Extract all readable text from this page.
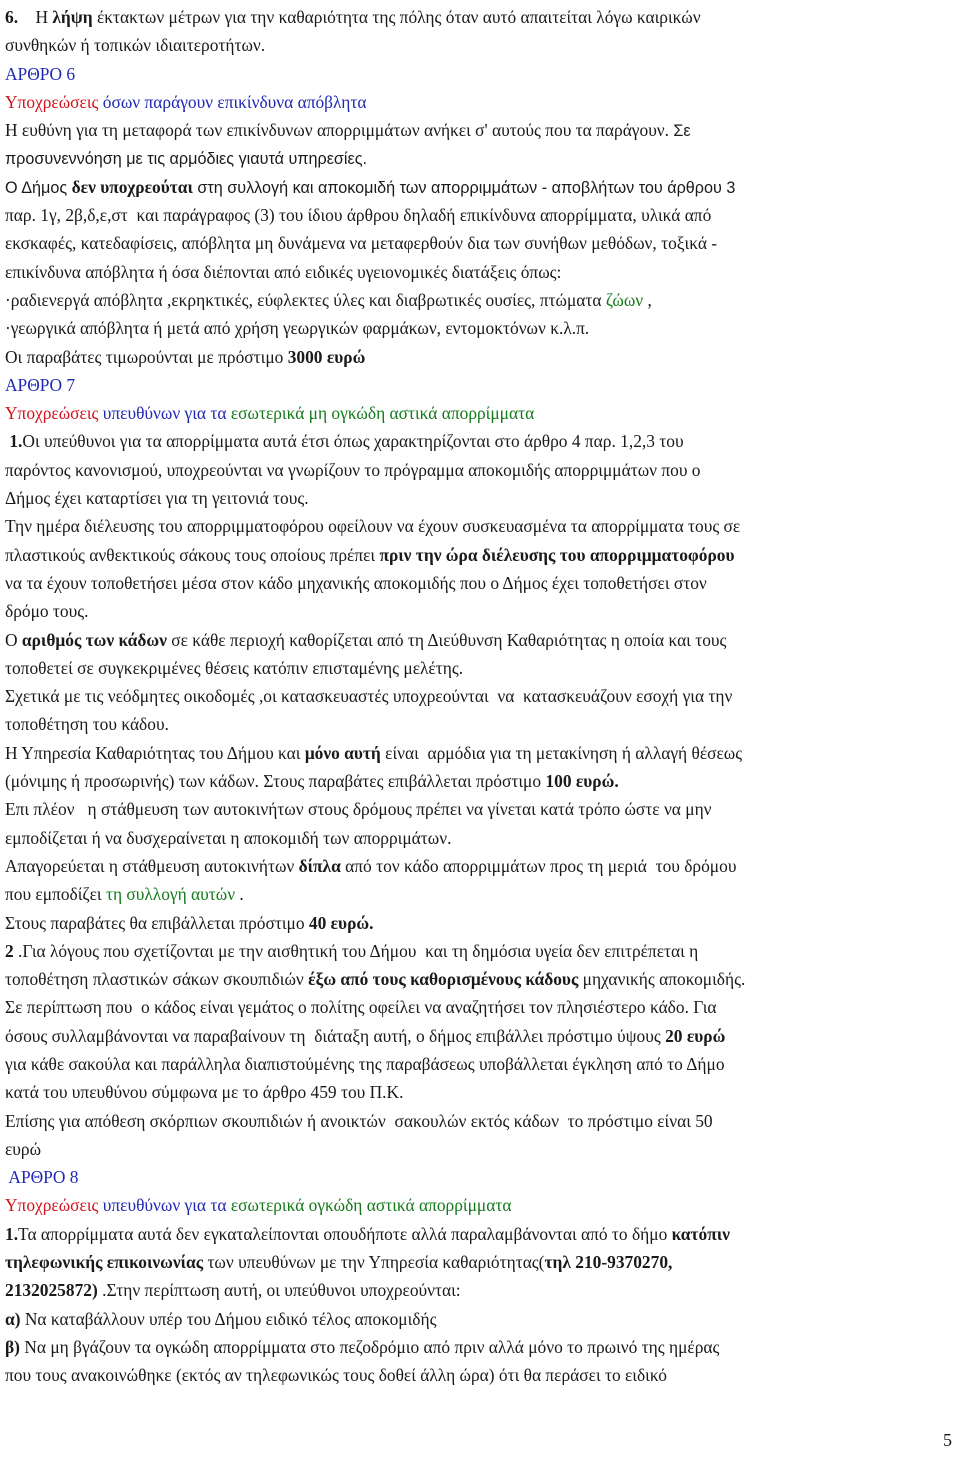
6.    Η λήψη έκτακτων μέτρων για την καθαριότητα της πόλης όταν αυτό απαιτείται λόγω καιρικών
συνθηκών ή τοπικών ιδιαιτεροτήτων.
ΑΡΘΡΟ 6
Υποχρεώσεις όσων παράγουν επικίνδυνα απόβλητα
Η ευθύνη για τη μεταφορά των επικίνδυνων απορριμμάτων ανήκει σ' αυτούς που τα παράγουν. Σε
προσυνεννόηση με τις αρμόδιες γιαυτά υπηρεσίες.
Ο Δήμος δεν υποχρεούται στη συλλογή και αποκομιδή των απορριμμάτων - αποβλήτων του άρθρου 3
παρ. 1γ, 2β,δ,ε,στ  και παράγραφος (3) του ίδιου άρθρου δηλαδή επικίνδυνα απορρίμματα, υλικά από
εκσκαφές, κατεδαφίσεις, απόβλητα μη δυνάμενα να μεταφερθούν δια των συνήθων μεθόδων, τοξικά -
επικίνδυνα απόβλητα ή όσα διέπονται από ειδικές υγειονομικές διατάξεις όπως:
·ραδιενεργά απόβλητα ,εκρηκτικές, εύφλεκτες ύλες και διαβρωτικές ουσίες, πτώματα ζώων ,
·γεωργικά απόβλητα ή μετά από χρήση γεωργικών φαρμάκων, εντομοκτόνων κ.λ.π.
Οι παραβάτες τιμωρούνται με πρόστιμο 3000 ευρώ
ΑΡΘΡΟ 7
Υποχρεώσεις υπευθύνων για τα εσωτερικά μη ογκώδη αστικά απορρίμματα
1.Οι υπεύθυνοι για τα απορρίμματα αυτά έτσι όπως χαρακτηρίζονται στο άρθρο 4 παρ. 1,2,3 του
παρόντος κανονισμού, υποχρεούνται να γνωρίζουν το πρόγραμμα αποκομιδής απορριμμάτων που ο
Δήμος έχει καταρτίσει για τη γειτονιά τους.
Την ημέρα διέλευσης του απορριμματοφόρου οφείλουν να έχουν συσκευασμένα τα απορρίμματα τους σε
πλαστικούς ανθεκτικούς σάκους τους οποίους πρέπει πριν την ώρα διέλευσης του απορριμματοφόρου
να τα έχουν τοποθετήσει μέσα στον κάδο μηχανικής αποκομιδής που ο Δήμος έχει τοποθετήσει στον
δρόμο τους.
Ο αριθμός των κάδων σε κάθε περιοχή καθορίζεται από τη Διεύθυνση Καθαριότητας η οποία και τους
τοποθετεί σε συγκεκριμένες θέσεις κατόπιν επισταμένης μελέτης.
Σχετικά με τις νεόδμητες οικοδομές ,οι κατασκευαστές υποχρεούνται  να  κατασκευάζουν εσοχή για την
τοποθέτηση του κάδου.
Η Υπηρεσία Καθαριότητας του Δήμου και μόνο αυτή είναι  αρμόδια για τη μετακίνηση ή αλλαγή θέσεως
(μόνιμης ή προσωρινής) των κάδων. Στους παραβάτες επιβάλλεται πρόστιμο 100 ευρώ.
Επι πλέον   η στάθμευση των αυτοκινήτων στους δρόμους πρέπει να γίνεται κατά τρόπο ώστε να μην
εμποδίζεται ή να δυσχεραίνεται η αποκομιδή των απορριμάτων.
Απαγορεύεται η στάθμευση αυτοκινήτων δίπλα από τον κάδο απορριμμάτων προς τη μεριά  του δρόμου
που εμποδίζει τη συλλογή αυτών .
Στους παραβάτες θα επιβάλλεται πρόστιμο 40 ευρώ.
2 .Για λόγους που σχετίζονται με την αισθητική του Δήμου  και τη δημόσια υγεία δεν επιτρέπεται η
τοποθέτηση πλαστικών σάκων σκουπιδιών έξω από τους καθορισμένους κάδους μηχανικής αποκομιδής.
Σε περίπτωση που  ο κάδος είναι γεμάτος ο πολίτης οφείλει να αναζητήσει τον πλησιέστερο κάδο. Για
όσους συλλαμβάνονται να παραβαίνουν τη  διάταξη αυτή, ο δήμος επιβάλλει πρόστιμο ύψους 20 ευρώ
για κάθε σακούλα και παράλληλα διαπιστούμένης της παραβάσεως υποβάλλεται έγκληση από το Δήμο
κατά του υπευθύνου σύμφωνα με το άρθρο 459 του Π.Κ.
Επίσης για απόθεση σκόρπιων σκουπιδιών ή ανοικτών  σακουλών εκτός κάδων  το πρόστιμο είναι 50
ευρώ
ΑΡΘΡΟ 8
Υποχρεώσεις υπευθύνων για τα εσωτερικά ογκώδη αστικά απορρίμματα
1.Τα απορρίμματα αυτά δεν εγκαταλείπονται οπουδήποτε αλλά παραλαμβάνονται από το δήμο κατόπιν
τηλεφωνικής επικοινωνίας των υπευθύνων με την Υπηρεσία καθαριότητας(τηλ 210-9370270,
2132025872) .Στην περίπτωση αυτή, οι υπεύθυνοι υποχρεούνται:
α) Να καταβάλλουν υπέρ του Δήμου ειδικό τέλος αποκομιδής
β) Να μη βγάζουν τα ογκώδη απορρίμματα στο πεζοδρόμιο από πριν αλλά μόνο το πρωινό της ημέρας
που τους ανακοινώθηκε (εκτός αν τηλεφωνικώς τους δοθεί άλλη ώρα) ότι θα περάσει το ειδικό
5
